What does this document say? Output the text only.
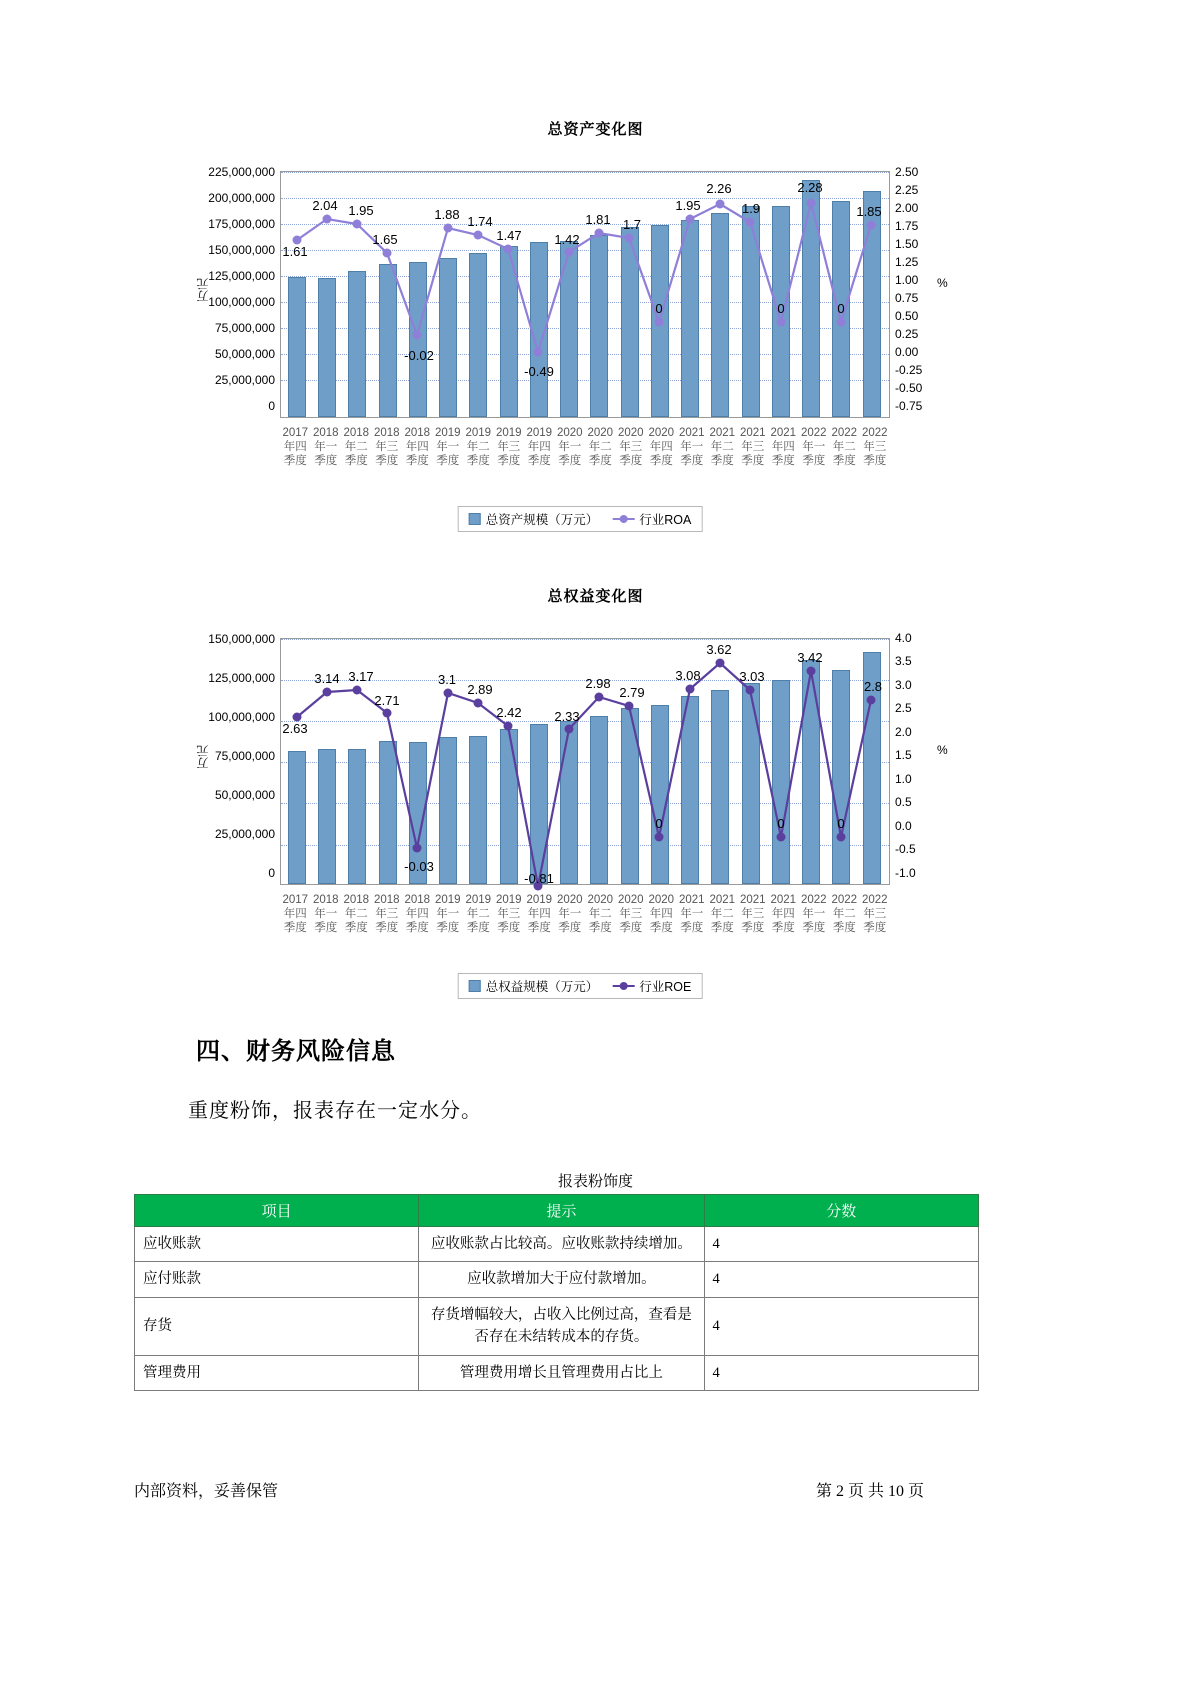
总资产变化图
万元	%
0
25,000,000
50,000,000
75,000,000
100,000,000
125,000,000
150,000,000
175,000,000
200,000,000
225,000,000
-0.75
-0.50
-0.25
0.00
0.25
0.50
0.75
1.00
1.25
1.50
1.75
2.00
2.25
2.50
1.61
2.04 1.95
1.65
-0.02
1.88 1.74
1.47
-0.49
1.42
1.81 1.7
0
1.95
2.26
1.9
0
2.28
0
1.85
2017年四季度
2018年一季度
2018年二季度
2018年三季度
2018年四季度
2019年一季度
2019年二季度
2019年三季度
2019年四季度
2020年一季度
2020年二季度
2020年三季度
2020年四季度
2021年一季度
2021年二季度
2021年三季度
2021年四季度
2022年一季度
2022年二季度
2022年三季度
总资产规模（万元）	行业ROA
总权益变化图
万元	%
0
25,000,000
50,000,000
75,000,000
100,000,000
125,000,000
150,000,000
-1.0
-0.5
0.0
0.5
1.0
1.5
2.0
2.5
3.0
3.5
4.0
2.63
3.14 3.17
2.71
-0.03
3.1
2.89
2.42
-0.81
2.33
2.98
2.79
0
3.08
3.62
3.03
0
3.42
0
2.8
2017年四季度
2018年一季度
2018年二季度
2018年三季度
2018年四季度
2019年一季度
2019年二季度
2019年三季度
2019年四季度
2020年一季度
2020年二季度
2020年三季度
2020年四季度
2021年一季度
2021年二季度
2021年三季度
2021年四季度
2022年一季度
2022年二季度
2022年三季度
总权益规模（万元）	行业ROE
四、财务风险信息

重度粉饰，报表存在一定水分。

报表粉饰度
项目	提示	分数
应收账款	应收账款占比较高。应收账款持续增加。	4
应付账款	应收款增加大于应付款增加。	4
存货	存货增幅较大，占收入比例过高，查看是否存在未结转成本的存货。	4
管理费用	管理费用增长且管理费用占比上	4
内部资料，妥善保管	第 2 页 共 10 页
